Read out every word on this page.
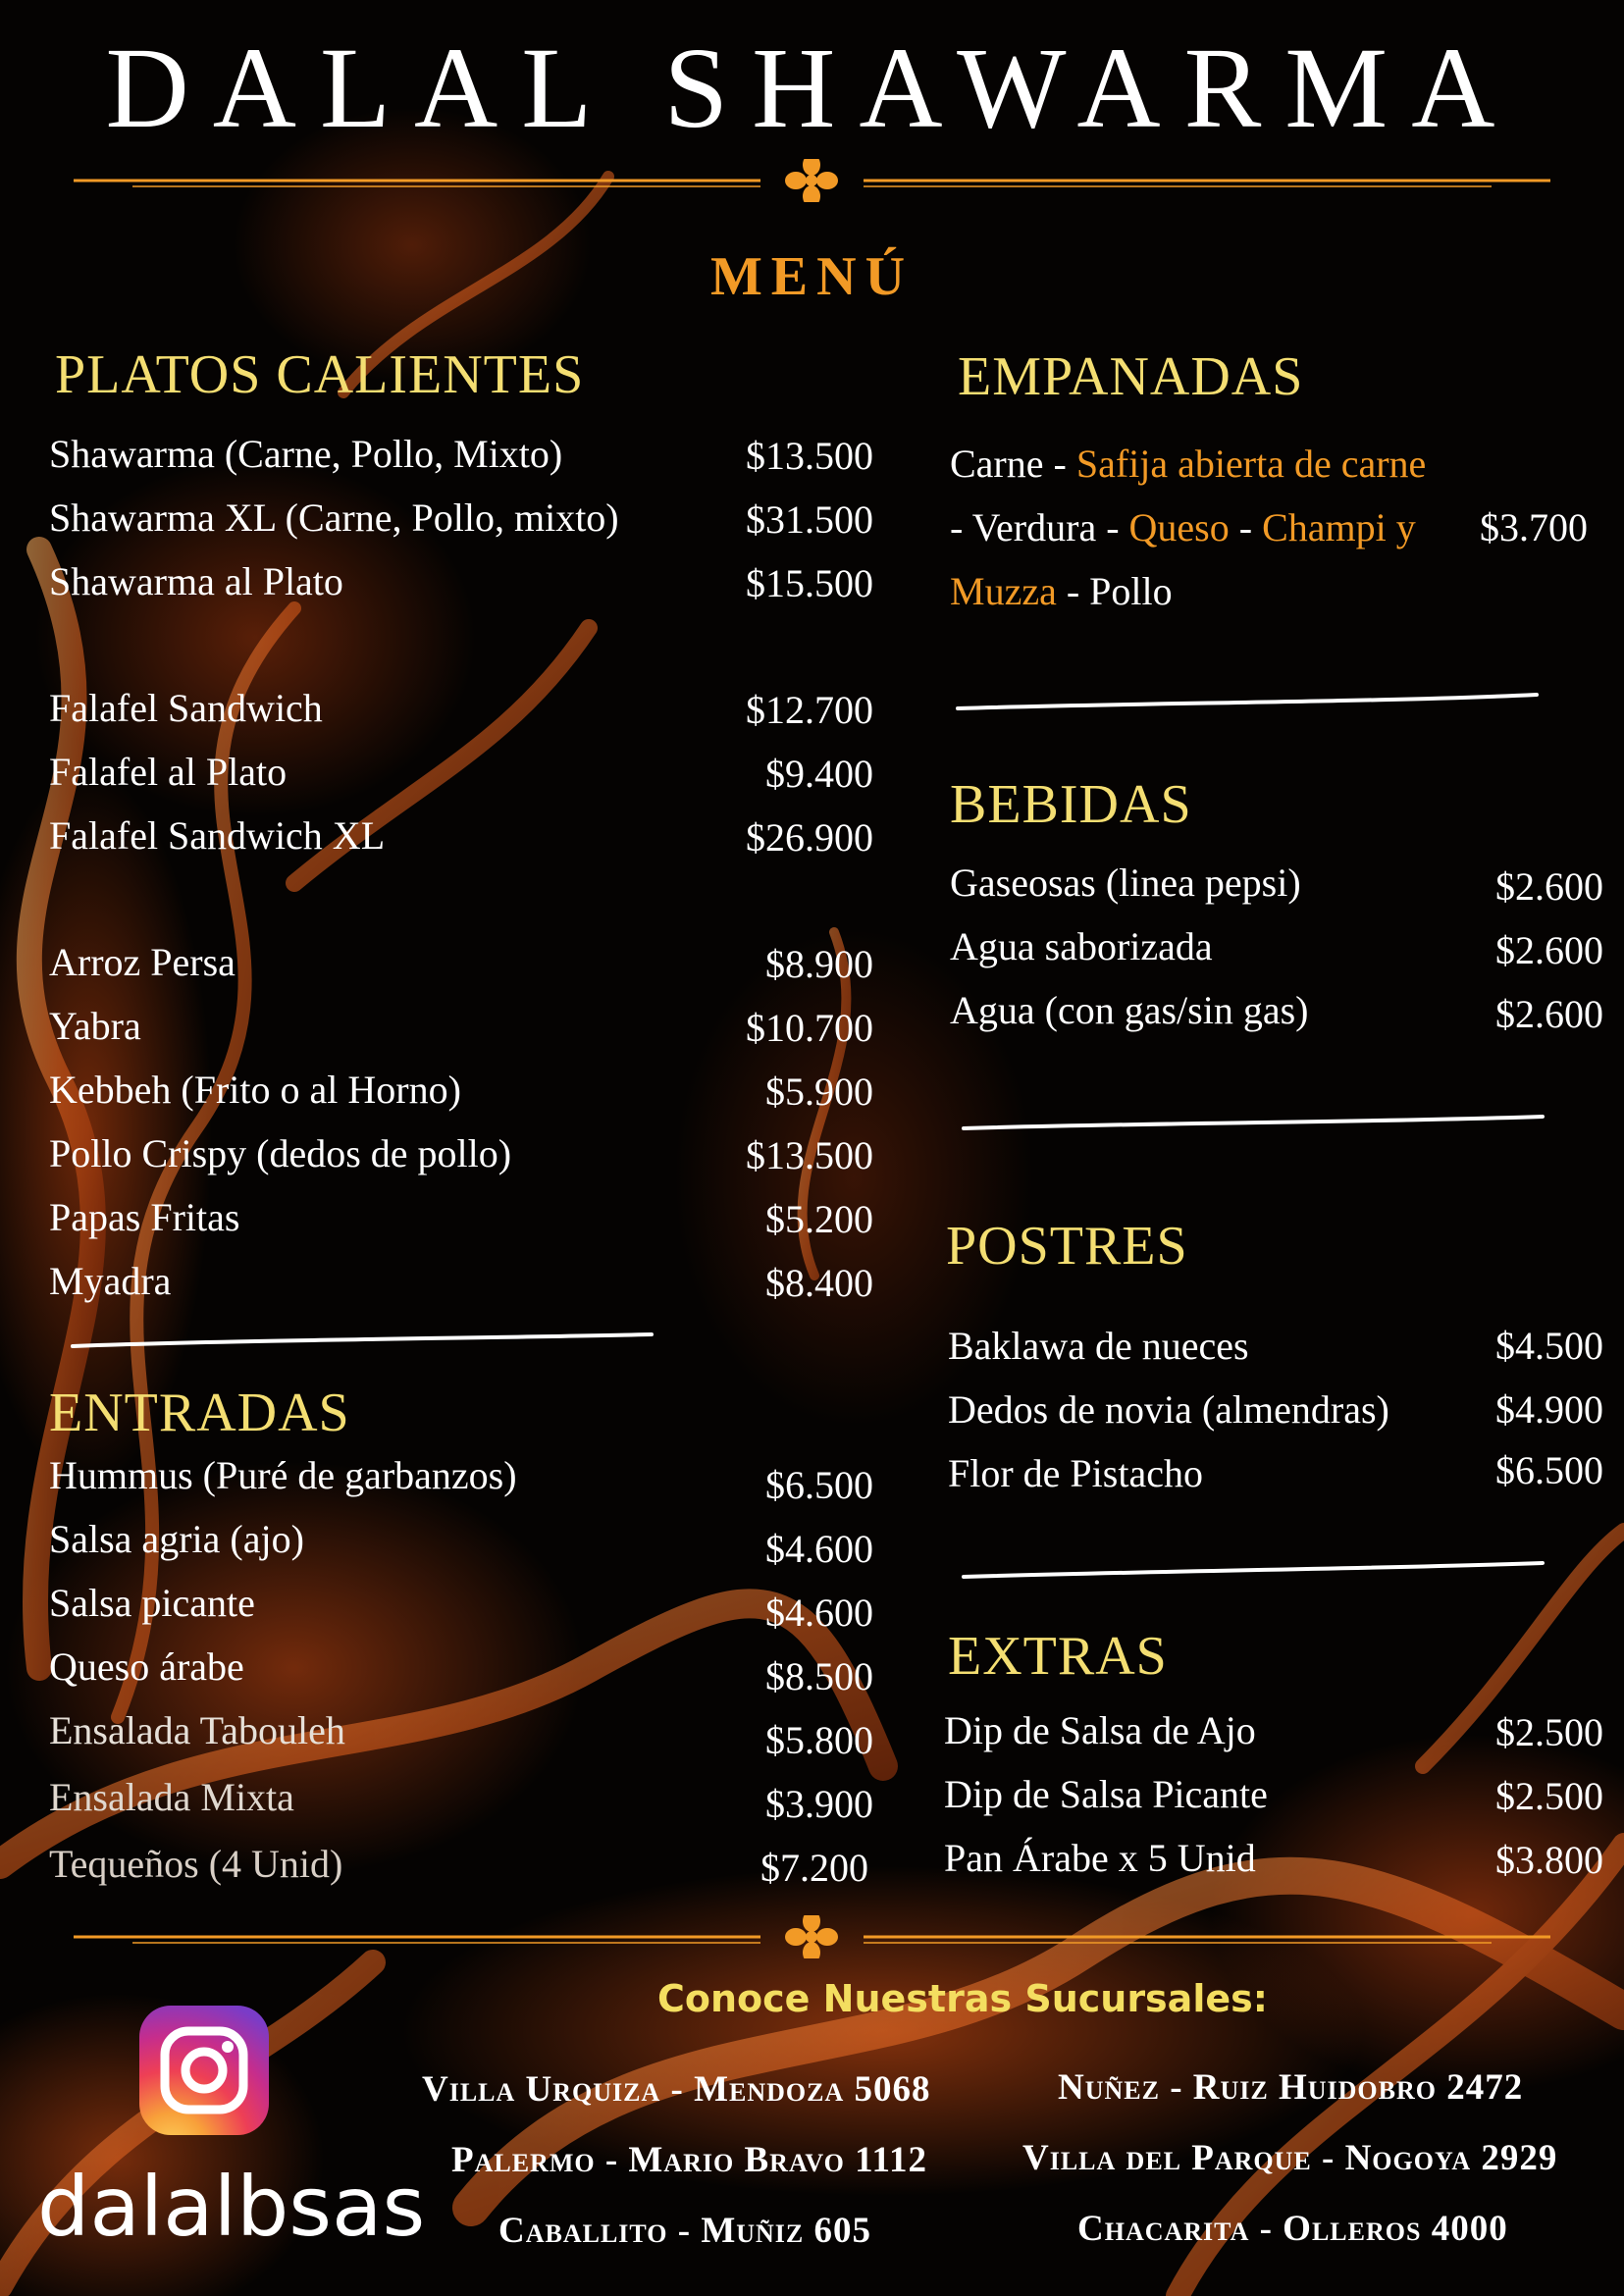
DALAL SHAWARMA
MENÚ
PLATOS CALIENTES
Shawarma (Carne, Pollo, Mixto)	$13.500
Shawarma XL (Carne, Pollo, mixto)	$31.500
Shawarma al Plato	$15.500
Falafel Sandwich	$12.700
Falafel al Plato	$9.400
Falafel Sandwich XL	$26.900
Arroz Persa	$8.900
Yabra	$10.700
Kebbeh (Frito o al Horno)	$5.900
Pollo Crispy (dedos de pollo)	$13.500
Papas Fritas	$5.200
Myadra	$8.400
ENTRADAS
Hummus (Puré de garbanzos)	$6.500
Salsa agria (ajo)	$4.600
Salsa picante	$4.600
Queso árabe	$8.500
Ensalada Tabouleh	$5.800
Ensalada Mixta	$3.900
Tequeños (4 Unid)	$7.200
EMPANADAS
Carne - Safija abierta de carne - Verdura - Queso - Champi y Muzza - Pollo
$3.700
BEBIDAS
Gaseosas (linea pepsi)	$2.600
Agua saborizada	$2.600
Agua (con gas/sin gas)	$2.600
POSTRES
Baklawa de nueces	$4.500
Dedos de novia (almendras)	$4.900
Flor de Pistacho	$6.500
EXTRAS
Dip de Salsa de Ajo	$2.500
Dip de Salsa Picante	$2.500
Pan Árabe x 5 Unid	$3.800
Conoce Nuestras Sucursales:
Villa Urquiza - Mendoza 5068
Palermo - Mario Bravo 1112
Caballito - Muñiz 605
Nuñez - Ruiz Huidobro 2472
Villa del Parque - Nogoya 2929
Chacarita - Olleros 4000
dalalbsas
